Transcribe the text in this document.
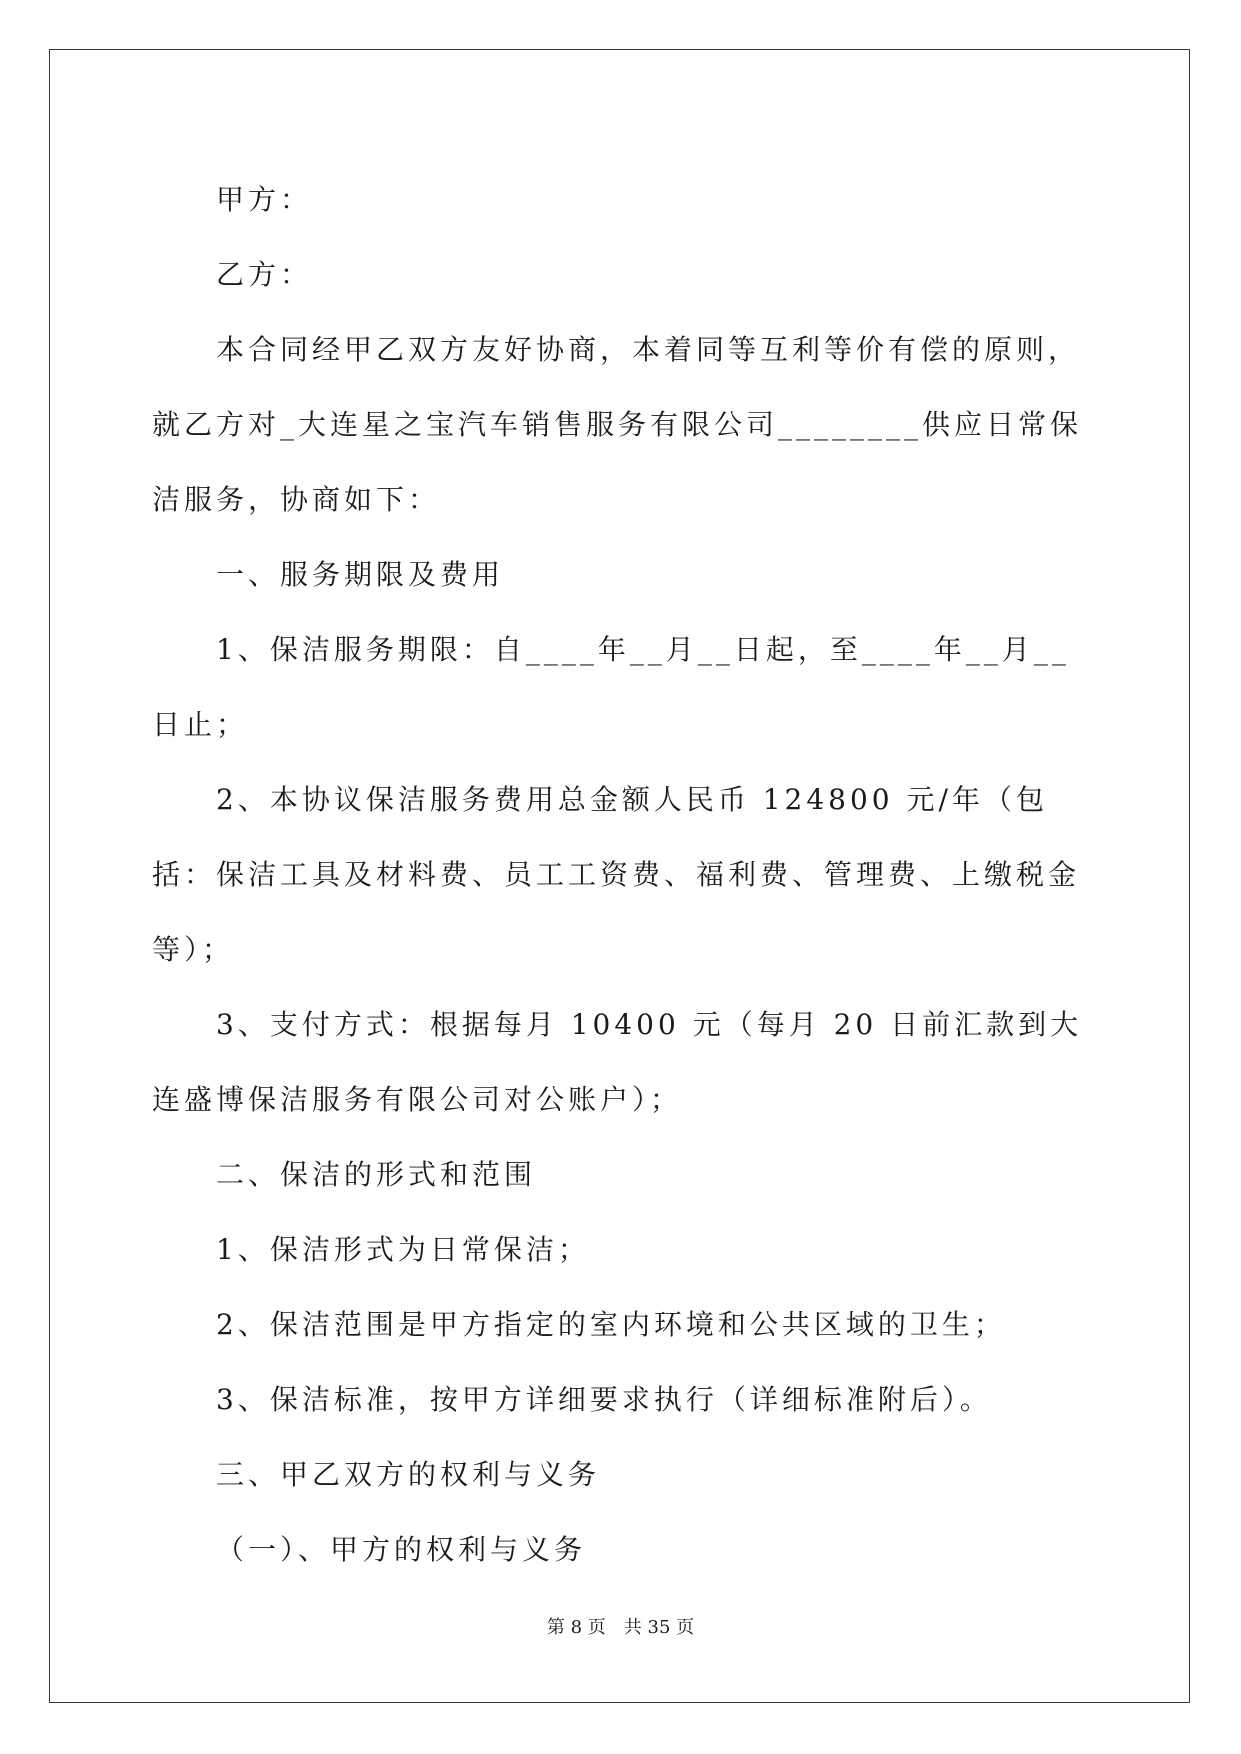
甲方：

乙方：

本合同经甲乙双方友好协商，本着同等互利等价有偿的原则，就乙方对_大连星之宝汽车销售服务有限公司________供应日常保洁服务，协商如下：

一、服务期限及费用

1、保洁服务期限：自____年__月__日起，至____年__月__日止；

2、本协议保洁服务费用总金额人民币 124800 元/年（包括：保洁工具及材料费、员工工资费、福利费、管理费、上缴税金等）；

3、支付方式：根据每月 10400 元（每月 20 日前汇款到大连盛博保洁服务有限公司对公账户）；

二、保洁的形式和范围

1、保洁形式为日常保洁；

2、保洁范围是甲方指定的室内环境和公共区域的卫生；

3、保洁标准，按甲方详细要求执行（详细标准附后）。

三、甲乙双方的权利与义务

（一）、甲方的权利与义务

第 8 页 共 35 页
